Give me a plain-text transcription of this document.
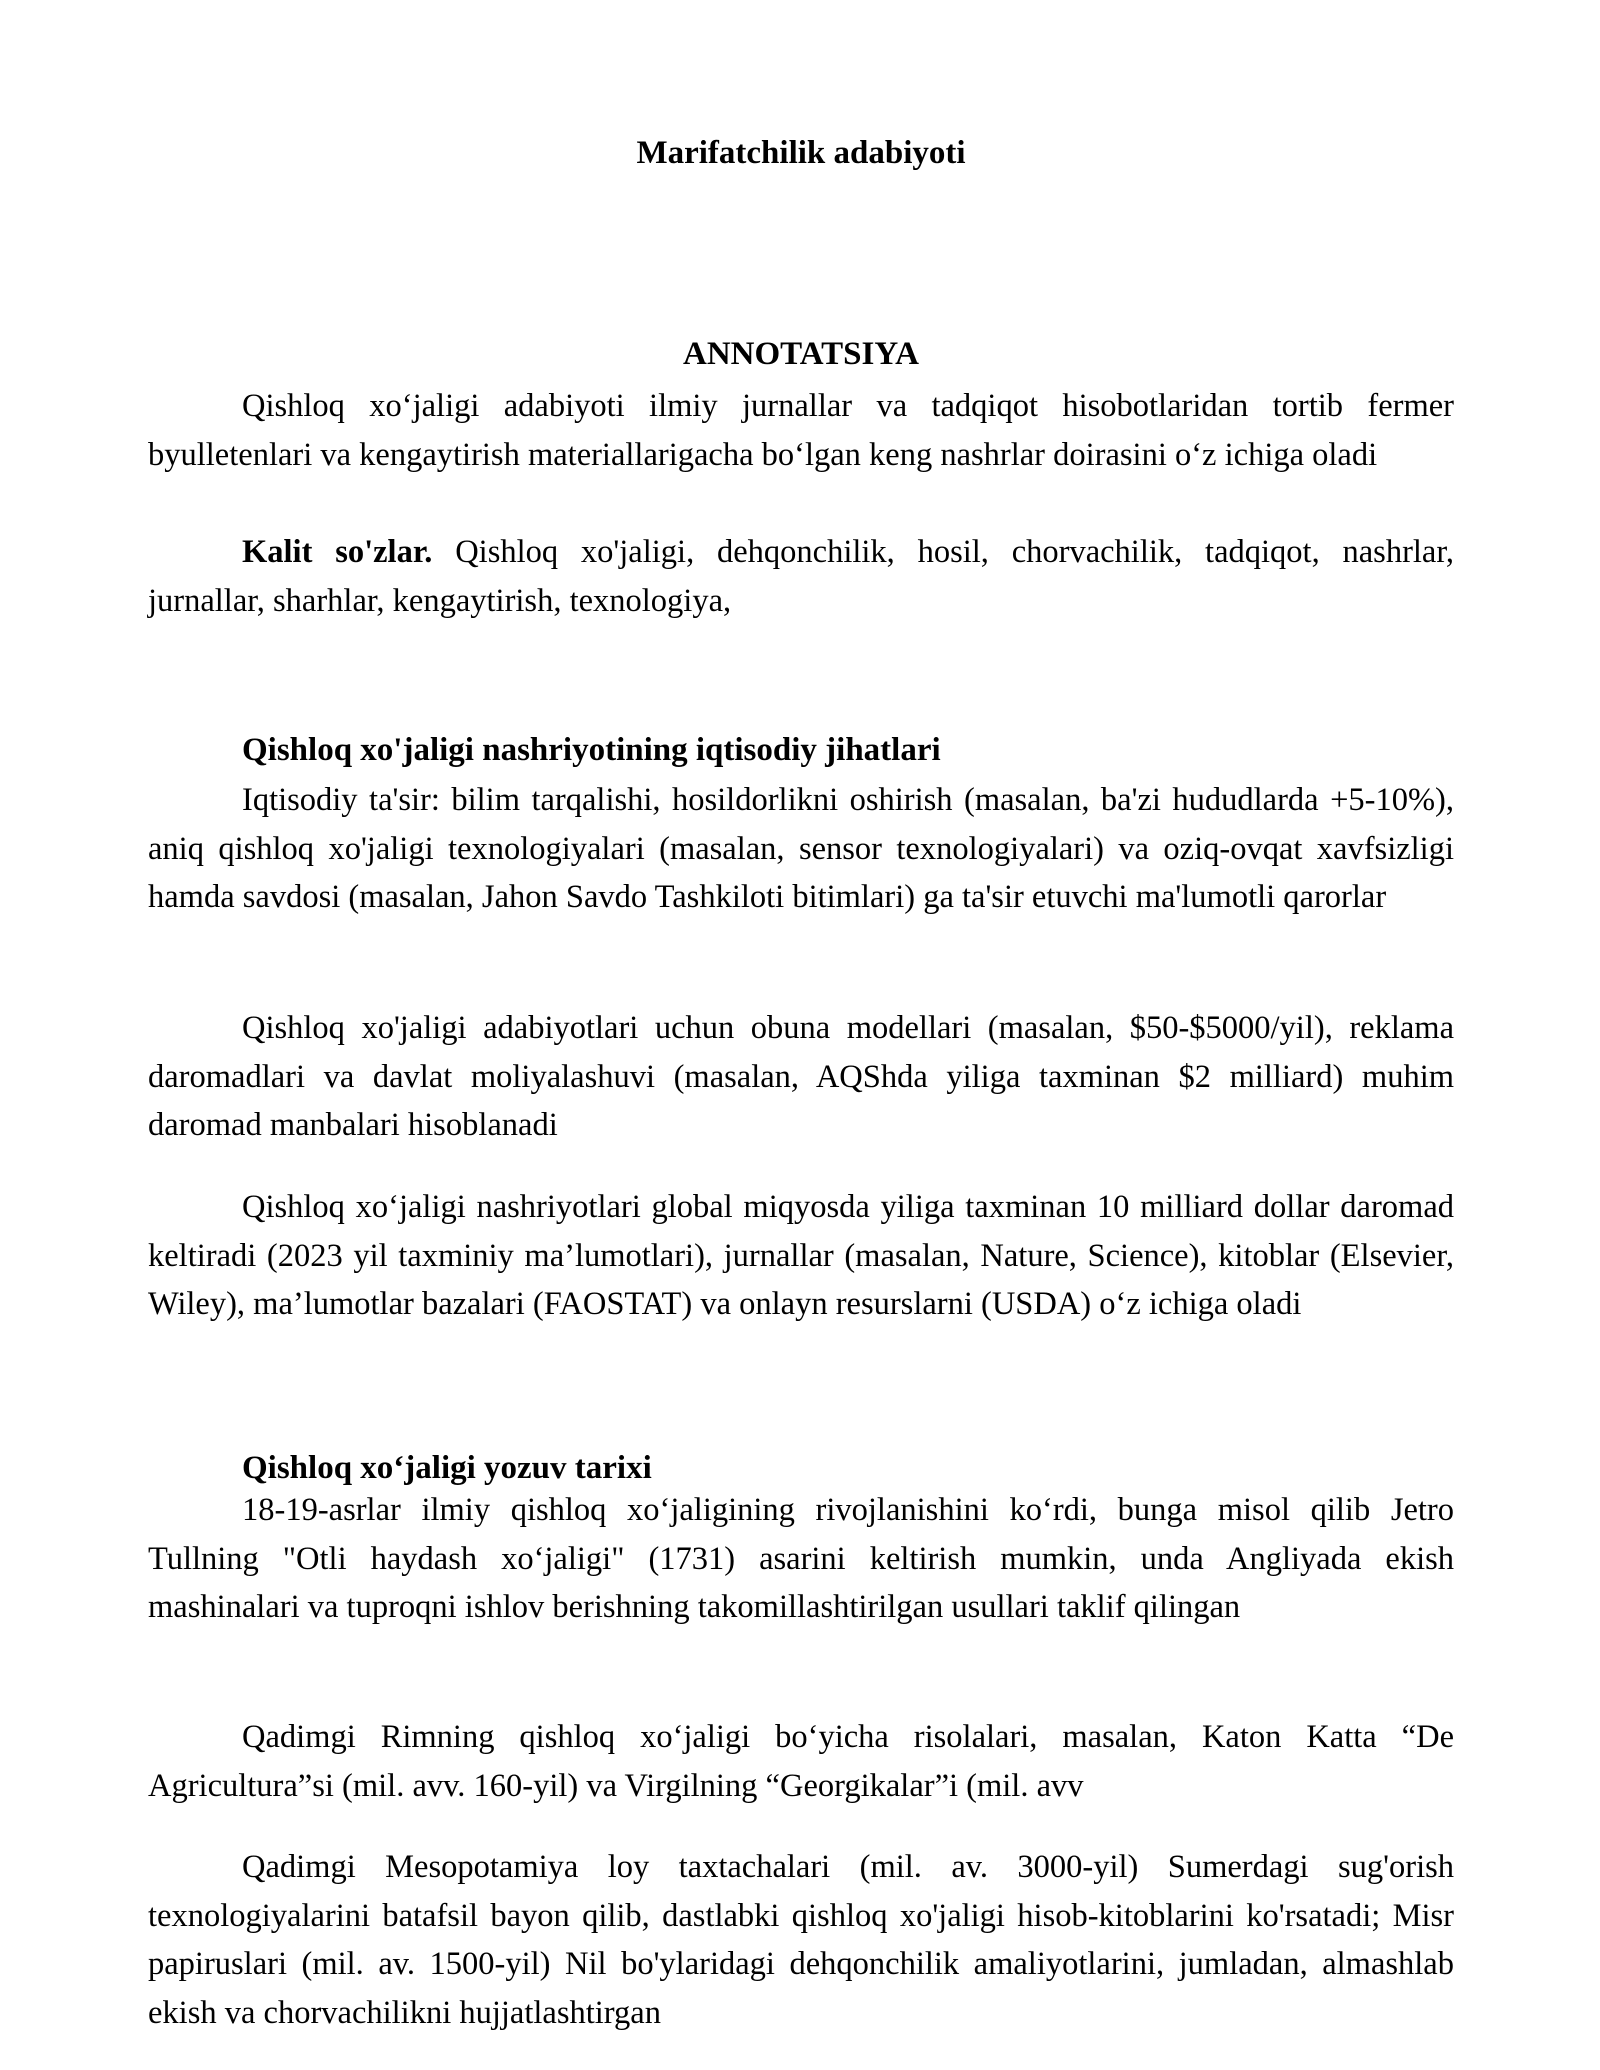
Marifatchilik adabiyoti
ANNOTATSIYA

Qishloq xo‘jaligi adabiyoti ilmiy jurnallar va tadqiqot hisobotlaridan tortib fermer byulletenlari va kengaytirish materiallarigacha bo‘lgan keng nashrlar doirasini o‘z ichiga oladi

Kalit so'zlar. Qishloq xo'jaligi, dehqonchilik, hosil, chorvachilik, tadqiqot, nashrlar, jurnallar, sharhlar, kengaytirish, texnologiya,

Qishloq xo'jaligi nashriyotining iqtisodiy jihatlari

Iqtisodiy ta'sir: bilim tarqalishi, hosildorlikni oshirish (masalan, ba'zi hududlarda +5-10%), aniq qishloq xo'jaligi texnologiyalari (masalan, sensor texnologiyalari) va oziq-ovqat xavfsizligi hamda savdosi (masalan, Jahon Savdo Tashkiloti bitimlari) ga ta'sir etuvchi ma'lumotli qarorlar

Qishloq xo'jaligi adabiyotlari uchun obuna modellari (masalan, $50-$5000/yil), reklama daromadlari va davlat moliyalashuvi (masalan, AQShda yiliga taxminan $2 milliard) muhim daromad manbalari hisoblanadi

Qishloq xo‘jaligi nashriyotlari global miqyosda yiliga taxminan 10 milliard dollar daromad keltiradi (2023 yil taxminiy ma’lumotlari), jurnallar (masalan, Nature, Science), kitoblar (Elsevier, Wiley), ma’lumotlar bazalari (FAOSTAT) va onlayn resurslarni (USDA) o‘z ichiga oladi

Qishloq xo‘jaligi yozuv tarixi

18-19-asrlar ilmiy qishloq xo‘jaligining rivojlanishini ko‘rdi, bunga misol qilib Jetro Tullning "Otli haydash xo‘jaligi" (1731) asarini keltirish mumkin, unda Angliyada ekish mashinalari va tuproqni ishlov berishning takomillashtirilgan usullari taklif qilingan

Qadimgi Rimning qishloq xo‘jaligi bo‘yicha risolalari, masalan, Katon Katta “De Agricultura”si (mil. avv. 160-yil) va Virgilning “Georgikalar”i (mil. avv

Qadimgi Mesopotamiya loy taxtachalari (mil. av. 3000-yil) Sumerdagi sug'orish texnologiyalarini batafsil bayon qilib, dastlabki qishloq xo'jaligi hisob-kitoblarini ko'rsatadi; Misr papiruslari (mil. av. 1500-yil) Nil bo'ylaridagi dehqonchilik amaliyotlarini, jumladan, almashlab ekish va chorvachilikni hujjatlashtirgan
